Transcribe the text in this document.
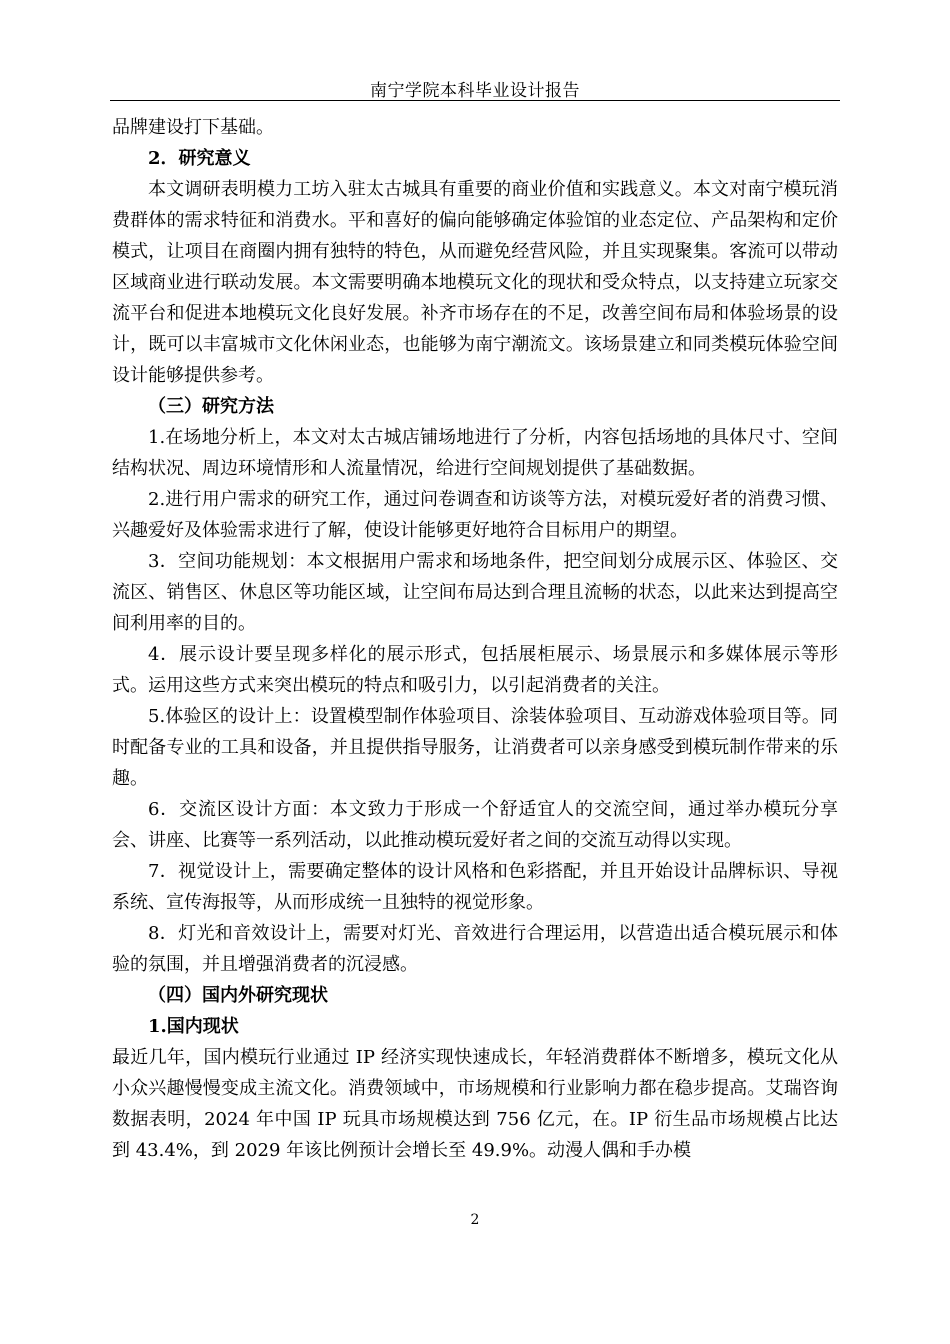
南宁学院本科毕业设计报告

品牌建设打下基础。

2．研究意义

本文调研表明模力工坊入驻太古城具有重要的商业价值和实践意义。本文对南宁模玩消费群体的需求特征和消费水。平和喜好的偏向能够确定体验馆的业态定位、产品架构和定价模式，让项目在商圈内拥有独特的特色，从而避免经营风险，并且实现聚集。客流可以带动区域商业进行联动发展。本文需要明确本地模玩文化的现状和受众特点，以支持建立玩家交流平台和促进本地模玩文化良好发展。补齐市场存在的不足，改善空间布局和体验场景的设计，既可以丰富城市文化休闲业态，也能够为南宁潮流文。该场景建立和同类模玩体验空间设计能够提供参考。

（三）研究方法

1.在场地分析上，本文对太古城店铺场地进行了分析，内容包括场地的具体尺寸、空间结构状况、周边环境情形和人流量情况，给进行空间规划提供了基础数据。

2.进行用户需求的研究工作，通过问卷调查和访谈等方法，对模玩爱好者的消费习惯、兴趣爱好及体验需求进行了解，使设计能够更好地符合目标用户的期望。

3．空间功能规划：本文根据用户需求和场地条件，把空间划分成展示区、体验区、交流区、销售区、休息区等功能区域，让空间布局达到合理且流畅的状态，以此来达到提高空间利用率的目的。

4．展示设计要呈现多样化的展示形式，包括展柜展示、场景展示和多媒体展示等形式。运用这些方式来突出模玩的特点和吸引力，以引起消费者的关注。

5.体验区的设计上：设置模型制作体验项目、涂装体验项目、互动游戏体验项目等。同时配备专业的工具和设备，并且提供指导服务，让消费者可以亲身感受到模玩制作带来的乐趣。

6．交流区设计方面：本文致力于形成一个舒适宜人的交流空间，通过举办模玩分享会、讲座、比赛等一系列活动，以此推动模玩爱好者之间的交流互动得以实现。

7．视觉设计上，需要确定整体的设计风格和色彩搭配，并且开始设计品牌标识、导视系统、宣传海报等，从而形成统一且独特的视觉形象。

8．灯光和音效设计上，需要对灯光、音效进行合理运用，以营造出适合模玩展示和体验的氛围，并且增强消费者的沉浸感。

（四）国内外研究现状

1.国内现状

最近几年，国内模玩行业通过 IP 经济实现快速成长，年轻消费群体不断增多，模玩文化从小众兴趣慢慢变成主流文化。消费领域中，市场规模和行业影响力都在稳步提高。艾瑞咨询数据表明，2024 年中国 IP 玩具市场规模达到 756 亿元，在。IP 衍生品市场规模占比达到 43.4%，到 2029 年该比例预计会增长至 49.9%。动漫人偶和手办模

2
